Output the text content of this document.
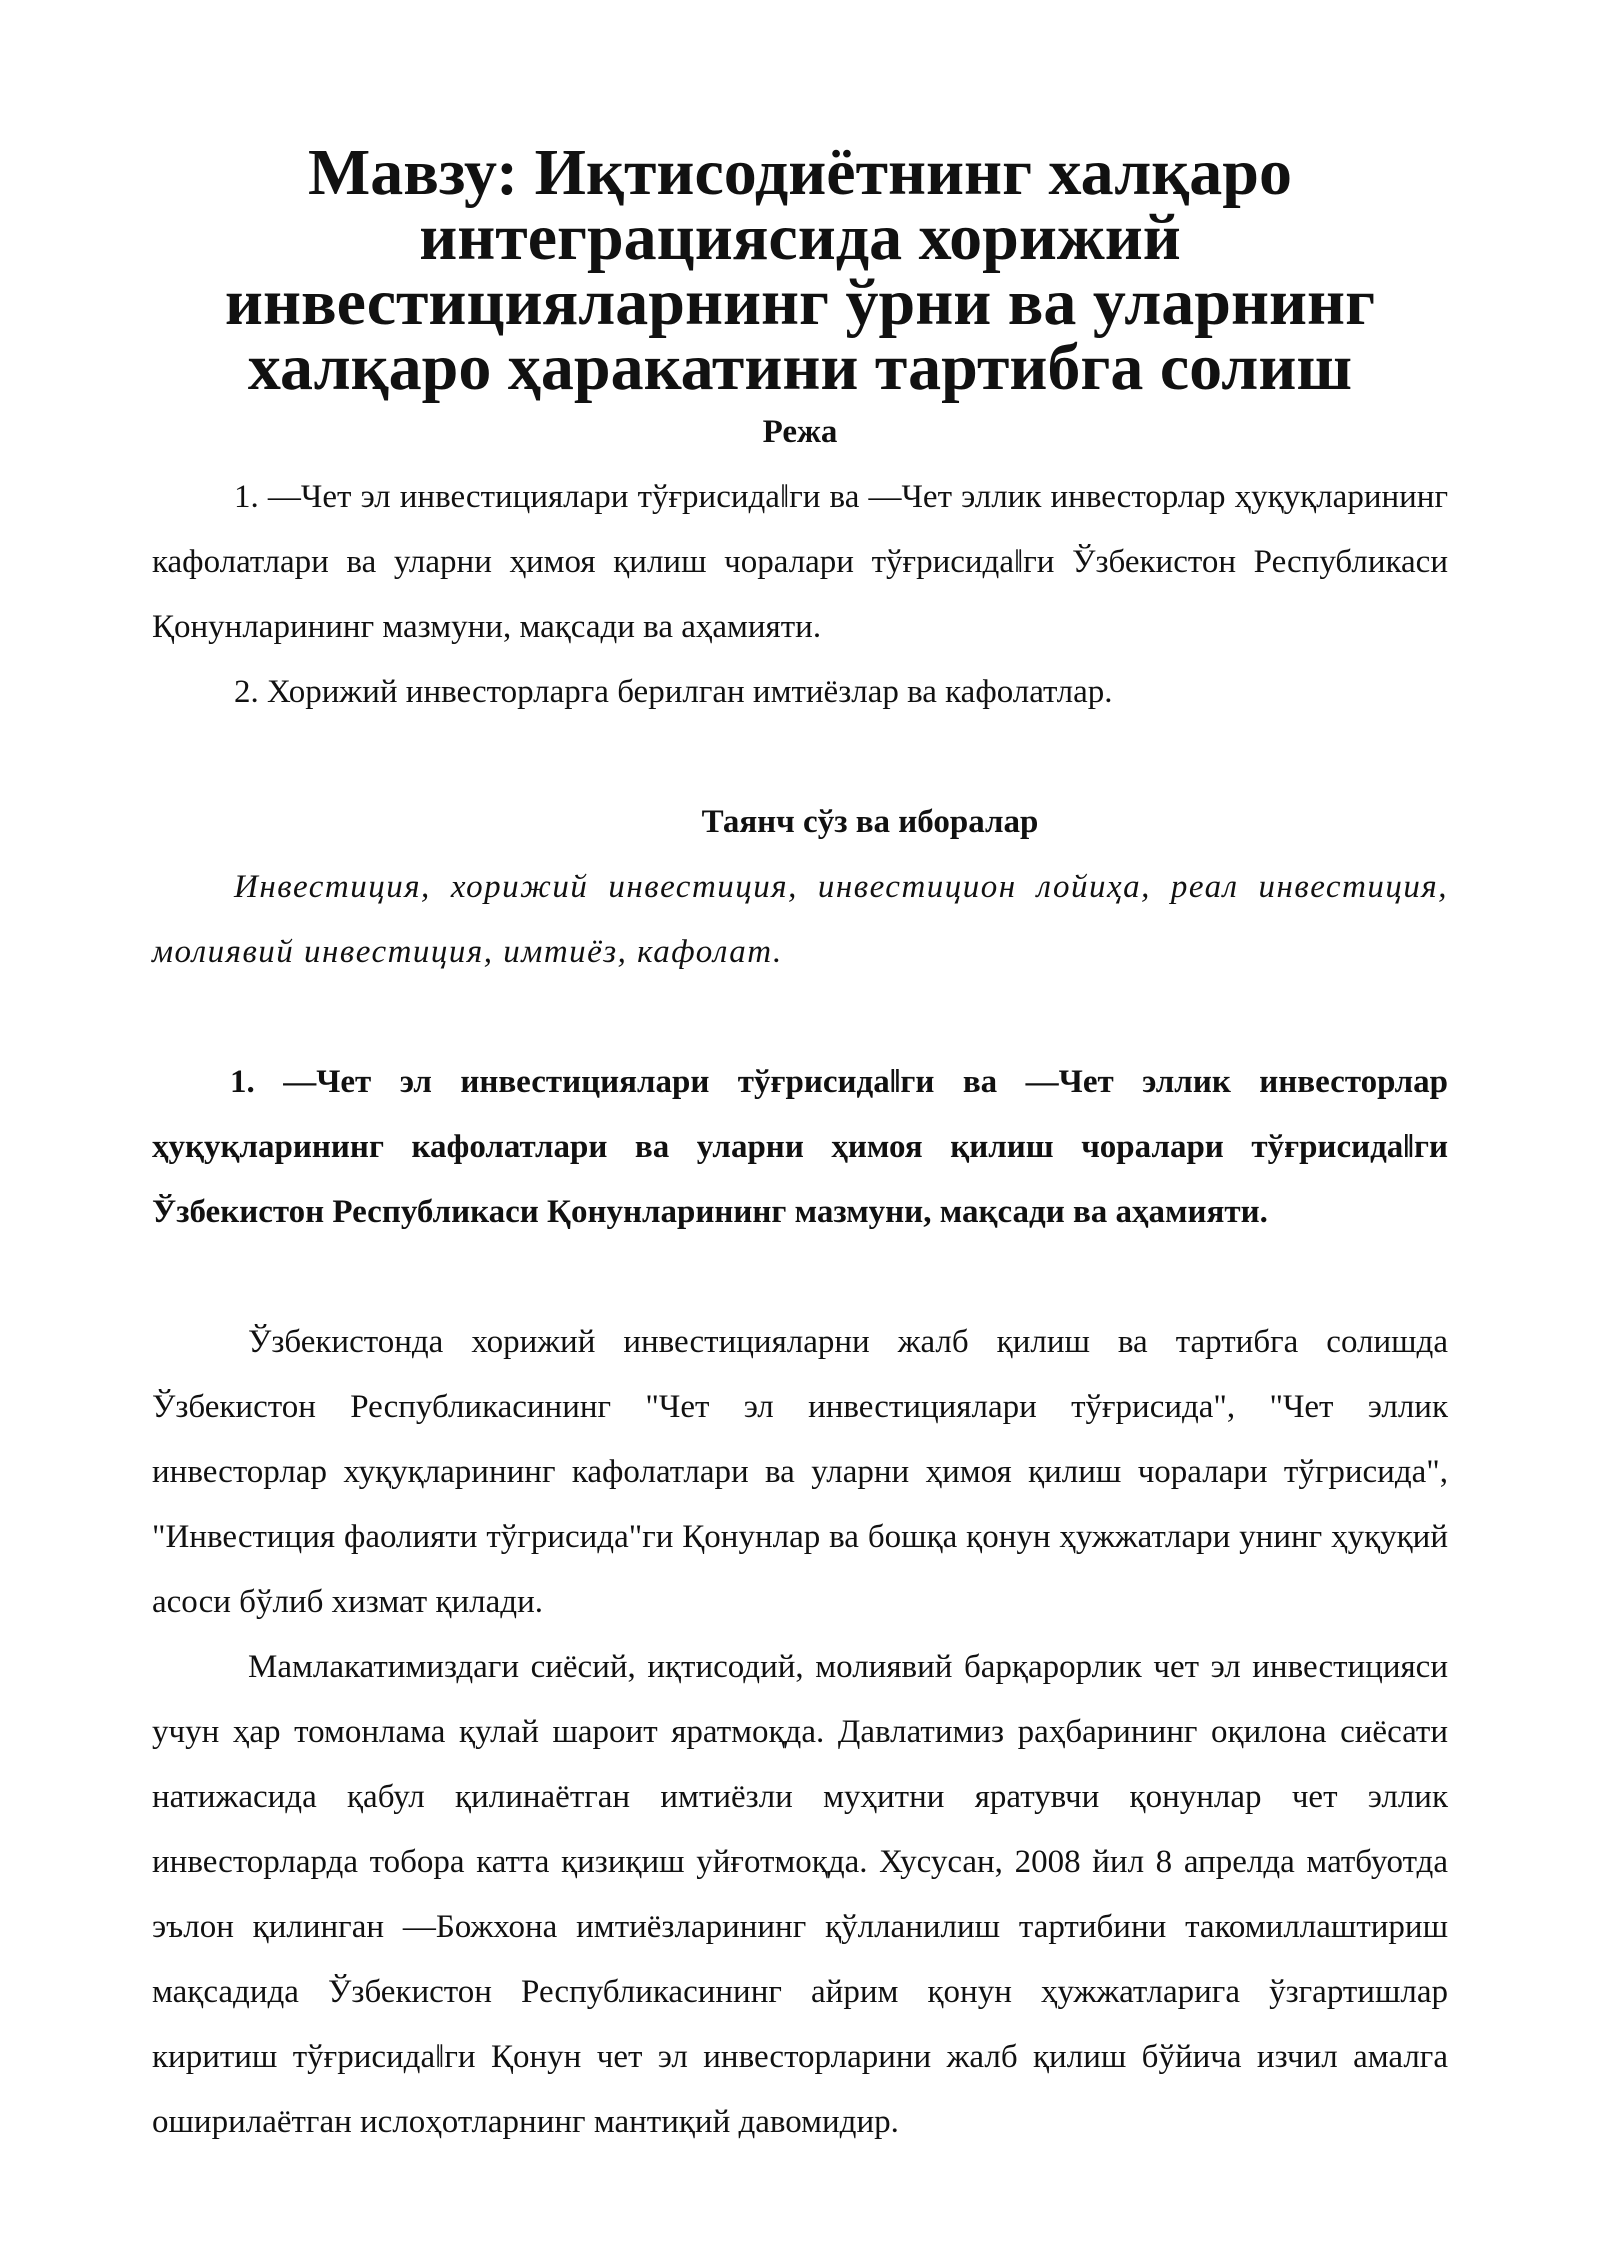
Мавзу: Иқтисодиётнинг халқаро интеграциясида хорижий
инвестицияларнинг ўрни ва уларнинг халқаро ҳаракатини тартибга солиш

Режа

1. ―Чет эл инвестициялари тўғрисида‖ги ва ―Чет эллик инвесторлар ҳуқуқларининг кафолатлари ва уларни ҳимоя қилиш чоралари тўғрисида‖ги Ўзбекистон Республикаси Қонунларининг мазмуни, мақсади ва аҳамияти.

2. Хорижий инвесторларга берилган имтиёзлар ва кафолатлар.

Таянч сўз ва иборалар

Инвестиция, хорижий инвестиция, инвестицион лойиҳа, реал инвестиция, молиявий инвестиция, имтиёз, кафолат.

1. ―Чет эл инвестициялари тўғрисида‖ги ва ―Чет эллик инвесторлар ҳуқуқларининг кафолатлари ва уларни ҳимоя қилиш чоралари тўғрисида‖ги Ўзбекистон Республикаси Қонунларининг мазмуни, мақсади ва аҳамияти.

Ўзбекистонда хорижий инвестицияларни жалб қилиш ва тартибга солишда Ўзбекистон Республикасининг "Чет эл инвестициялари тўғрисида", "Чет эллик инвесторлар хуқуқларининг кафолатлари ва уларни ҳимоя қилиш чоралари тўгрисида", "Инвестиция фаолияти тўгрисида"ги Қонунлар ва бошқа қонун ҳужжатлари унинг ҳуқуқий асоси бўлиб хизмат қилади.

Мамлакатимиздаги сиёсий, иқтисодий, молиявий барқарорлик чет эл инвестицияси учун ҳар томонлама қулай шароит яратмоқда. Давлатимиз раҳбарининг оқилона сиёсати натижасида қабул қилинаётган имтиёзли муҳитни яратувчи қонунлар чет эллик инвесторларда тобора катта қизиқиш уйғотмоқда. Хусусан, 2008 йил 8 апрелда матбуотда эълон қилинган ―Божхона имтиёзларининг қўлланилиш тартибини такомиллаштириш мақсадида Ўзбекистон Республикасининг айрим қонун ҳужжатларига ўзгартишлар киритиш тўғрисида‖ги Қонун чет эл инвесторларини жалб қилиш бўйича изчил амалга оширилаётган ислоҳотларнинг мантиқий давомидир.
